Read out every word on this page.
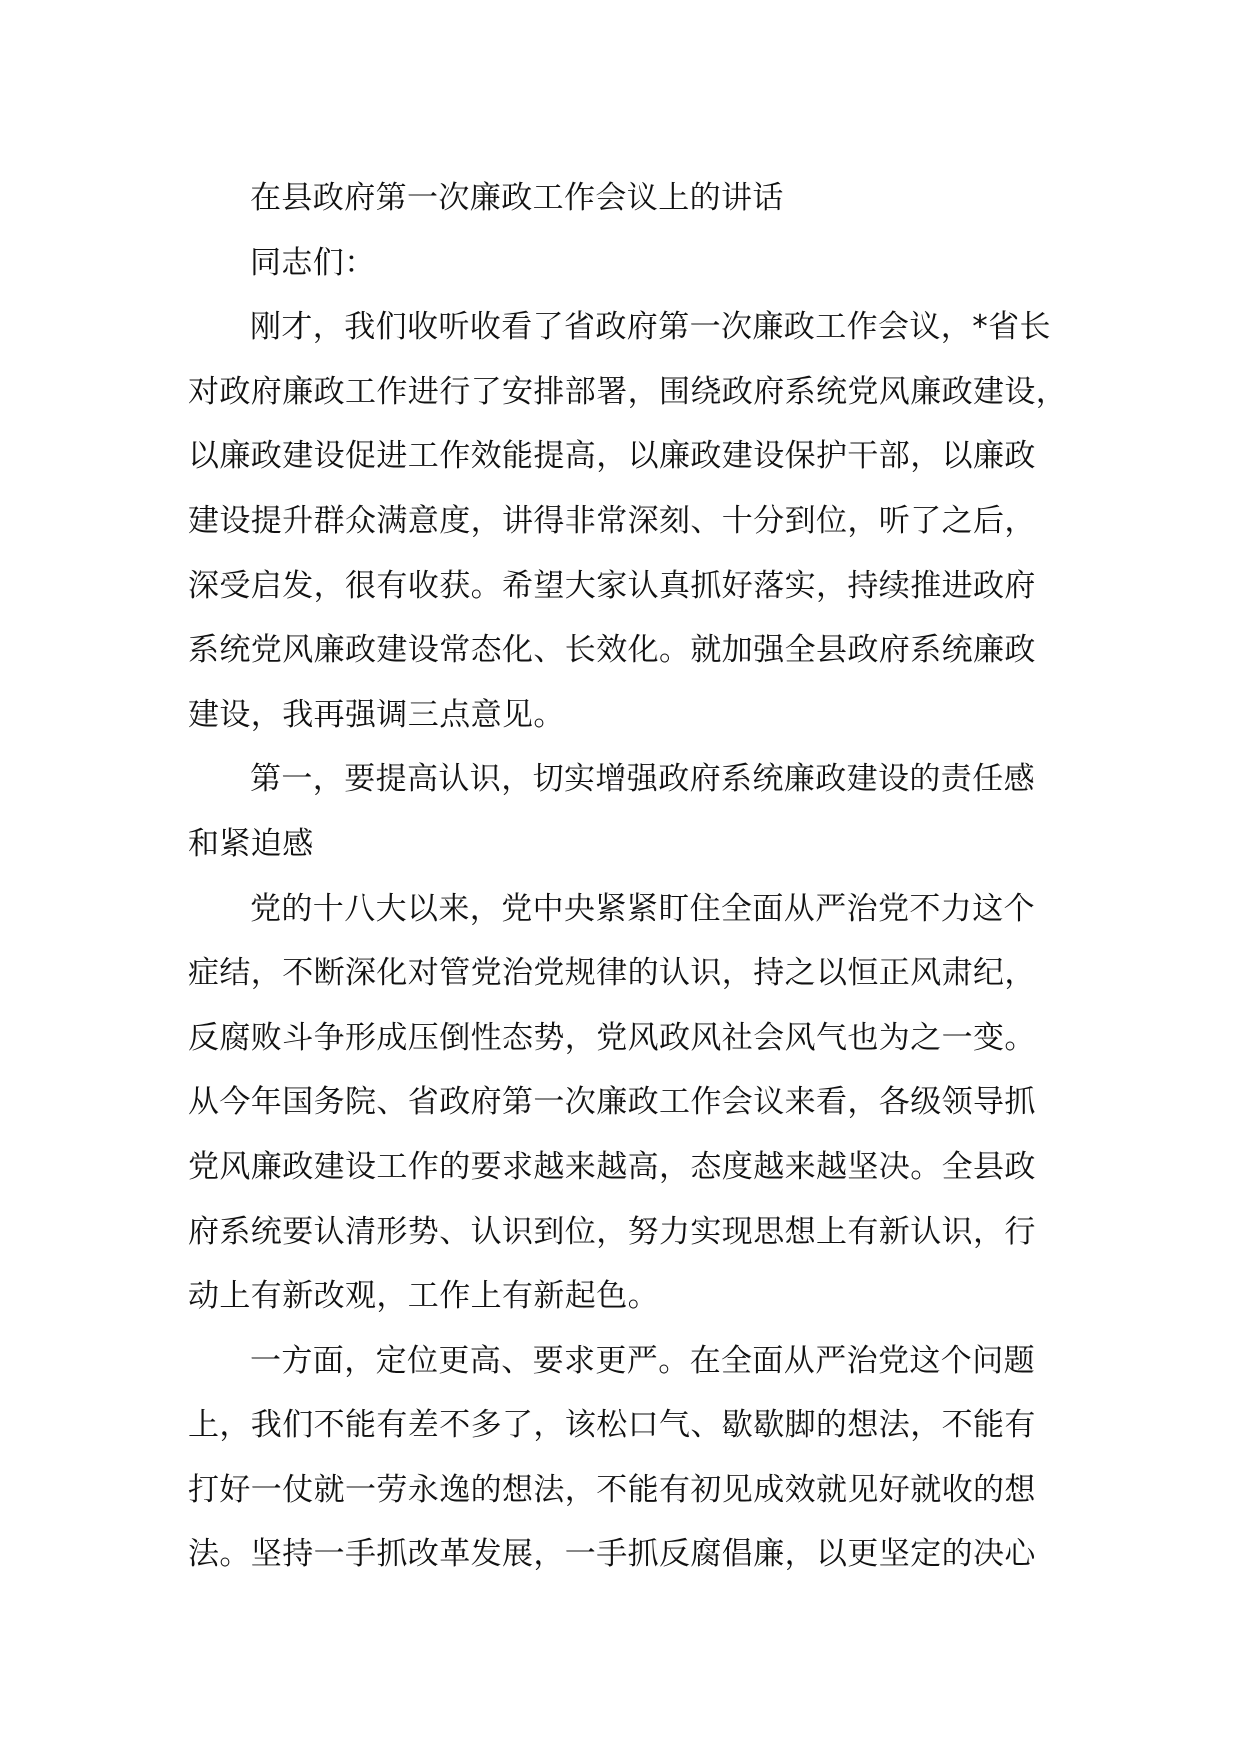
在县政府第一次廉政工作会议上的讲话
同志们：
刚才，我们收听收看了省政府第一次廉政工作会议，*省长
对政府廉政工作进行了安排部署，围绕政府系统党风廉政建设，
以廉政建设促进工作效能提高，以廉政建设保护干部，以廉政
建设提升群众满意度，讲得非常深刻、十分到位，听了之后，
深受启发，很有收获。希望大家认真抓好落实，持续推进政府
系统党风廉政建设常态化、长效化。就加强全县政府系统廉政
建设，我再强调三点意见。
第一，要提高认识，切实增强政府系统廉政建设的责任感
和紧迫感
党的十八大以来，党中央紧紧盯住全面从严治党不力这个
症结，不断深化对管党治党规律的认识，持之以恒正风肃纪，
反腐败斗争形成压倒性态势，党风政风社会风气也为之一变。
从今年国务院、省政府第一次廉政工作会议来看，各级领导抓
党风廉政建设工作的要求越来越高，态度越来越坚决。全县政
府系统要认清形势、认识到位，努力实现思想上有新认识，行
动上有新改观，工作上有新起色。
一方面，定位更高、要求更严。在全面从严治党这个问题
上，我们不能有差不多了，该松口气、歇歇脚的想法，不能有
打好一仗就一劳永逸的想法，不能有初见成效就见好就收的想
法。坚持一手抓改革发展，一手抓反腐倡廉，以更坚定的决心
